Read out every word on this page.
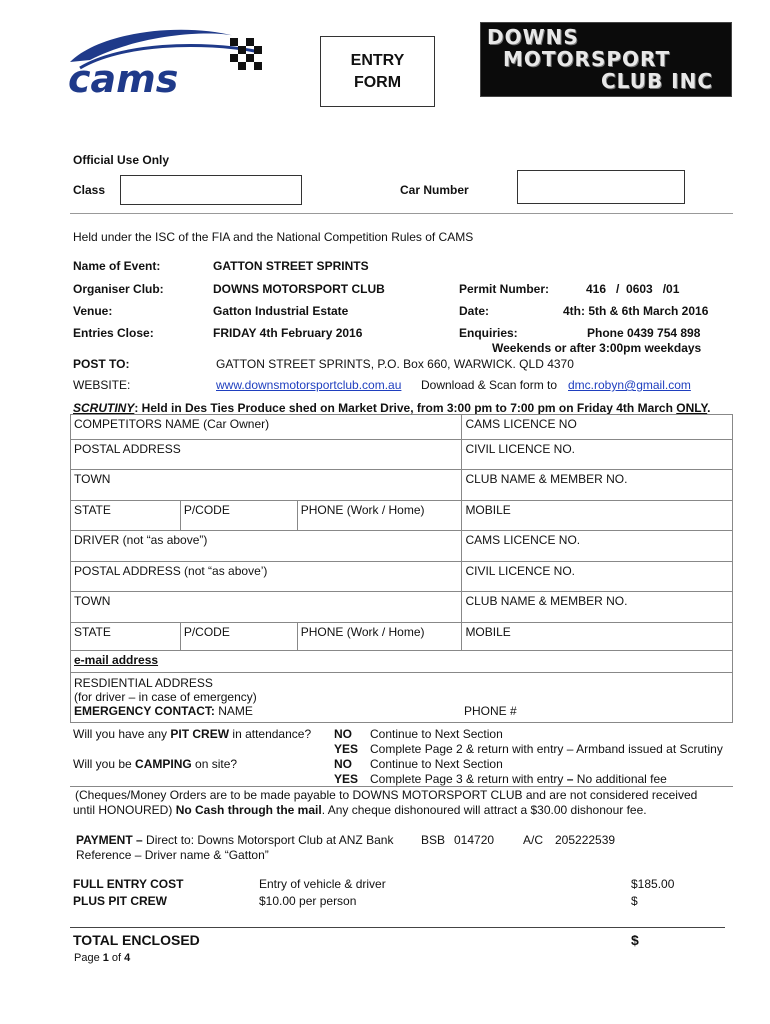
cams	ENTRY
FORM
DOWNS
MOTORSPORT
CLUB INC
Official Use Only
Class	Car Number
Held under the ISC of the FIA and the National Competition Rules of CAMS
Name of Event:	GATTON STREET SPRINTS
Organiser Club:	DOWNS MOTORSPORT CLUB	Permit Number:	416   /  0603   /01
Venue:	Gatton Industrial Estate	Date:	4th: 5th & 6th March 2016
Entries Close:	FRIDAY 4th February 2016	Enquiries:	Phone 0439 754 898
Weekends or after 3:00pm weekdays
POST TO:	GATTON STREET SPRINTS, P.O. Box 660, WARWICK. QLD 4370
WEBSITE:	www.downsmotorsportclub.com.au Download & Scan form to dmc.robyn@gmail.com
SCRUTINY: Held in Des Ties Produce shed on Market Drive, from 3:00 pm to 7:00 pm on Friday 4th March ONLY.
COMPETITORS NAME (Car Owner)			CAMS LICENCE NO
POSTAL ADDRESS			CIVIL LICENCE NO.
TOWN			CLUB NAME & MEMBER NO.
STATE	P/CODE	PHONE (Work / Home)	MOBILE
DRIVER (not “as above”)			CAMS LICENCE NO.
POSTAL ADDRESS (not “as above’)			CIVIL LICENCE NO.
TOWN			CLUB NAME & MEMBER NO.
STATE	P/CODE	PHONE (Work / Home)	MOBILE
e-mail address			

RESDIENTIAL ADDRESS
(for driver – in case of emergency)
EMERGENCY CONTACT: NAME PHONE #			
Will you have any PIT CREW in attendance? NO Continue to Next Section
YES Complete Page 2 & return with entry – Armband issued at Scrutiny
Will you be CAMPING on site?	NO Continue to Next Section
YES Complete Page 3 & return with entry – No additional fee
(Cheques/Money Orders are to be made payable to DOWNS MOTORSPORT CLUB and are not considered received
until HONOURED) No Cash through the mail. Any cheque dishonoured will attract a $30.00 dishonour fee.
PAYMENT – Direct to: Downs Motorsport Club at ANZ Bank BSB 014720 A/C 205222539
Reference – Driver name & “Gatton”
FULL ENTRY COST	Entry of vehicle & driver	$185.00
PLUS PIT CREW	$10.00 per person	$
TOTAL ENCLOSED	$
Page 1 of 4
